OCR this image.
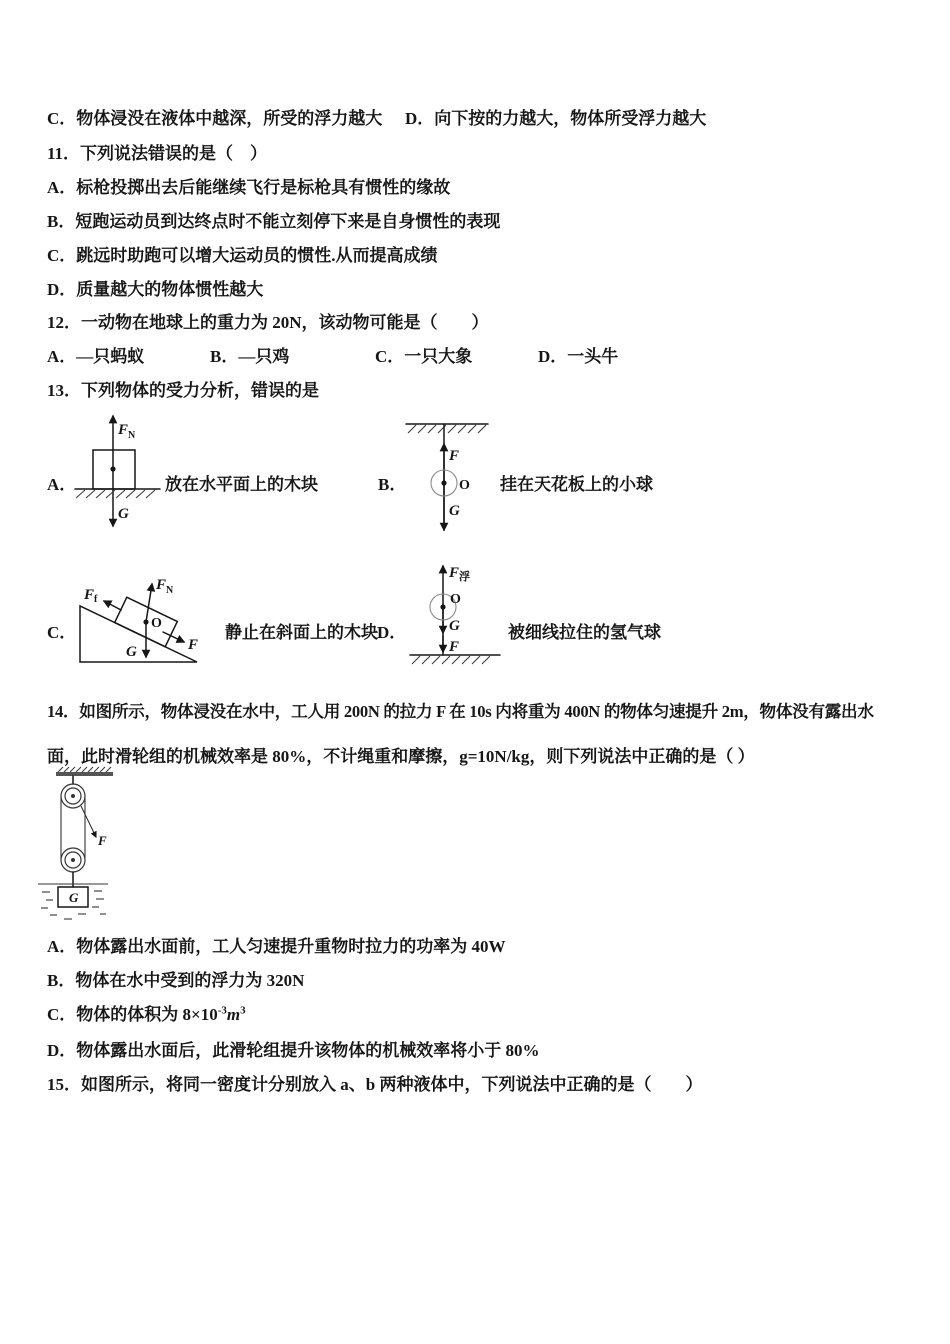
C．物体浸没在液体中越深，所受的浮力越大 D．向下按的力越大，物体所受浮力越大
11．下列说法错误的是（　）
A．标枪投掷出去后能继续飞行是标枪具有惯性的缘故
B．短跑运动员到达终点时不能立刻停下来是自身惯性的表现
C．跳远时助跑可以增大运动员的惯性.从而提高成绩
D．质量越大的物体惯性越大
12．一动物在地球上的重力为 20N，该动物可能是（　　）
A．—只蚂蚁	B．—只鸡	C．一只大象	D．一头牛
13．下列物体的受力分析，错误的是
A．
$F_N$
G
放在水平面上的木块	B．
F
O
G
挂在天花板上的小球
C．
$F_f$
$F_N$
O
G	F
静止在斜面上的木块 D．
$F_浮$
O
G
F
被细线拉住的氢气球
14．如图所示，物体浸没在水中，工人用 200N 的拉力 F 在 10s 内将重为 400N 的物体匀速提升 2m，物体没有露出水
面，此时滑轮组的机械效率是 80%，不计绳重和摩擦，g=10N/kg，则下列说法中正确的是（ ）
F
G
A．物体露出水面前，工人匀速提升重物时拉力的功率为 40W
B．物体在水中受到的浮力为 320N
C．物体的体积为 $8\times 10^{-3}m^3$
D．物体露出水面后，此滑轮组提升该物体的机械效率将小于 80%
15．如图所示，将同一密度计分别放入 a、b 两种液体中，下列说法中正确的是（　　）
